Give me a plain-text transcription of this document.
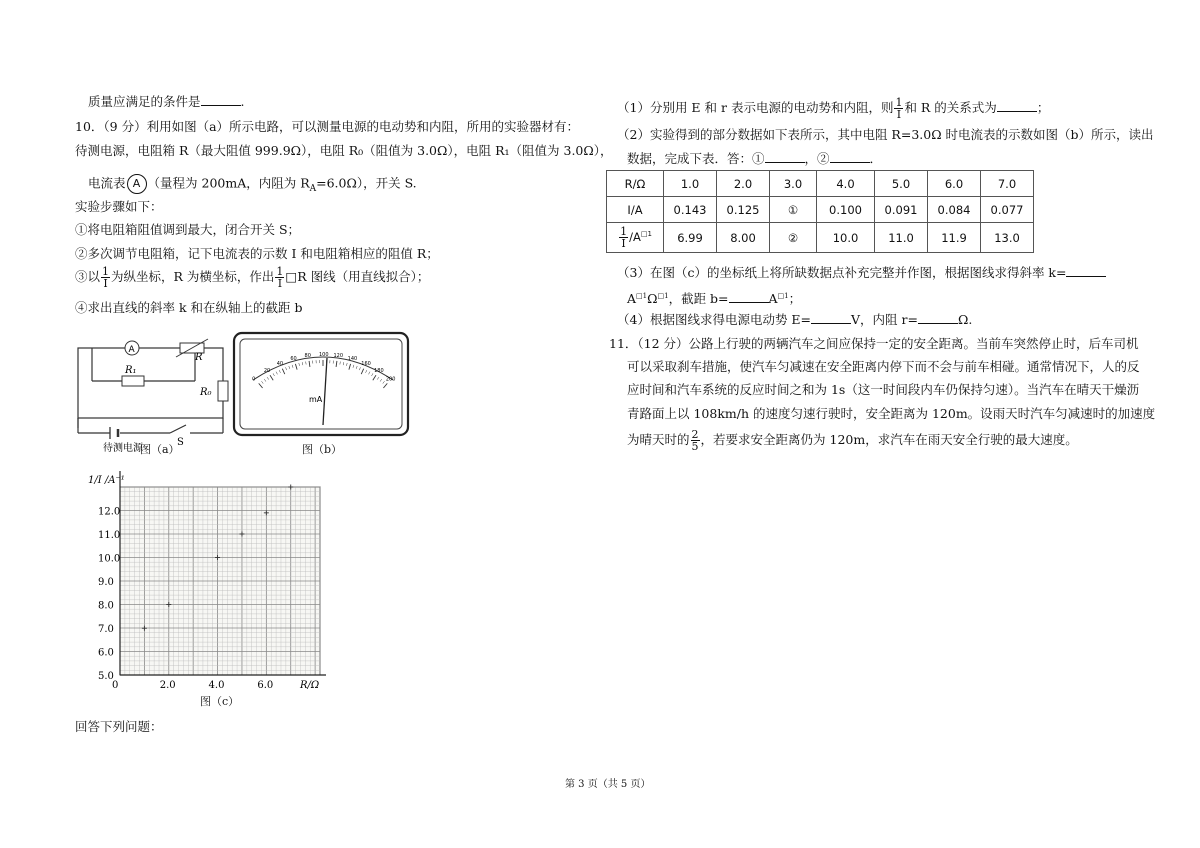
质量应满足的条件是	.
10．（9 分）利用如图（a）所示电路，可以测量电源的电动势和内阻，所用的实验器材有：
待测电源，电阻箱 R（最大阻值 999.9Ω），电阻 R₀（阻值为 3.0Ω），电阻 R₁（阻值为 3.0Ω），
电流表 A （量程为 200mA，内阻为 $R_A=6.0\Omega$），开关 S.
实验步骤如下：
①将电阻箱阻值调到最大，闭合开关 S；
②多次调节电阻箱，记下电流表的示数 I 和电阻箱相应的阻值 R；
③以 $\frac{1}{I}$ 为纵坐标，R 为横坐标，作出 $\frac{1}{I}$ □R 图线（用直线拟合）；
④求出直线的斜率 k 和在纵轴上的截距 b
A
R
R₁
R₀
待测电源
S
图（a）
0
20
40
60
80 100 120
140
160
180
200
mA
图（b）
5.0
6.0
7.0
8.0
9.0
10.0
11.0
12.0
0	2.0	4.0	6.0	R/Ω
1/I /A⁻¹
图（c）
回答下列问题：
（1）分别用 E 和 r 表示电源的电动势和内阻，则 $\frac{1}{I}$ 和 R 的关系式为	；
（2）实验得到的部分数据如下表所示，其中电阻 R=3.0Ω 时电流表的示数如图（b）所示，读出
数据，完成下表．答：①	，②	．
R/Ω	1.0	2.0	3.0	4.0	5.0	6.0	7.0
I/A	0.143	0.125	①	0.100	0.091	0.084	0.077

$\frac{1}{I} /A^{□1}$	6.99	8.00	②	10.0	11.0	11.9	13.0
（3）在图（c）的坐标纸上将所缺数据点补充完整并作图，根据图线求得斜率 k=
$A^{□1}\Omega^{□1}$，截距 b=	$A^{□1}$；
（4）根据图线求得电源电动势 E=	V，内阻 r=	Ω.
11．（12 分）公路上行驶的两辆汽车之间应保持一定的安全距离。当前车突然停止时，后车司机
可以采取刹车措施，使汽车匀减速在安全距离内停下而不会与前车相碰。通常情况下，人的反
应时间和汽车系统的反应时间之和为 1s（这一时间段内车仍保持匀速）。当汽车在晴天干燥沥
青路面上以 108km/h 的速度匀速行驶时，安全距离为 120m。设雨天时汽车匀减速时的加速度
为晴天时的 $\frac{2}{5}$ ，若要求安全距离仍为 120m，求汽车在雨天安全行驶的最大速度。
第 3 页（共 5 页）
